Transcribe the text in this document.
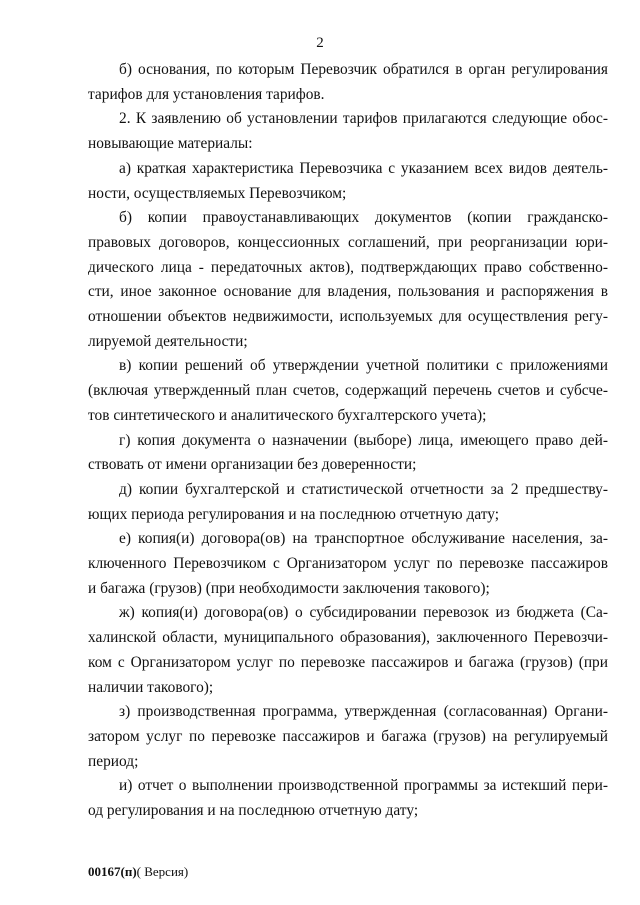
2
б) основания, по которым Перевозчик обратился в орган регулирования
тарифов для установления тарифов.
2. К заявлению об установлении тарифов прилагаются следующие обос-
новывающие материалы:
а) краткая характеристика Перевозчика с указанием всех видов деятель-
ности, осуществляемых Перевозчиком;
б) копии правоустанавливающих документов (копии гражданско-
правовых договоров, концессионных соглашений, при реорганизации юри-
дического лица - передаточных актов), подтверждающих право собственно-
сти, иное законное основание для владения, пользования и распоряжения в
отношении объектов недвижимости, используемых для осуществления регу-
лируемой деятельности;
в) копии решений об утверждении учетной политики с приложениями
(включая утвержденный план счетов, содержащий перечень счетов и субсче-
тов синтетического и аналитического бухгалтерского учета);
г) копия документа о назначении (выборе) лица, имеющего право дей-
ствовать от имени организации без доверенности;
д) копии бухгалтерской и статистической отчетности за 2 предшеству-
ющих периода регулирования и на последнюю отчетную дату;
е) копия(и) договора(ов) на транспортное обслуживание населения, за-
ключенного Перевозчиком с Организатором услуг по перевозке пассажиров
и багажа (грузов) (при необходимости заключения такового);
ж) копия(и) договора(ов) о субсидировании перевозок из бюджета (Са-
халинской области, муниципального образования), заключенного Перевозчи-
ком с Организатором услуг по перевозке пассажиров и багажа (грузов) (при
наличии такового);
з) производственная программа, утвержденная (согласованная) Органи-
затором услуг по перевозке пассажиров и багажа (грузов) на регулируемый
период;
и) отчет о выполнении производственной программы за истекший пери-
од регулирования и на последнюю отчетную дату;
00167(п)( Версия)
